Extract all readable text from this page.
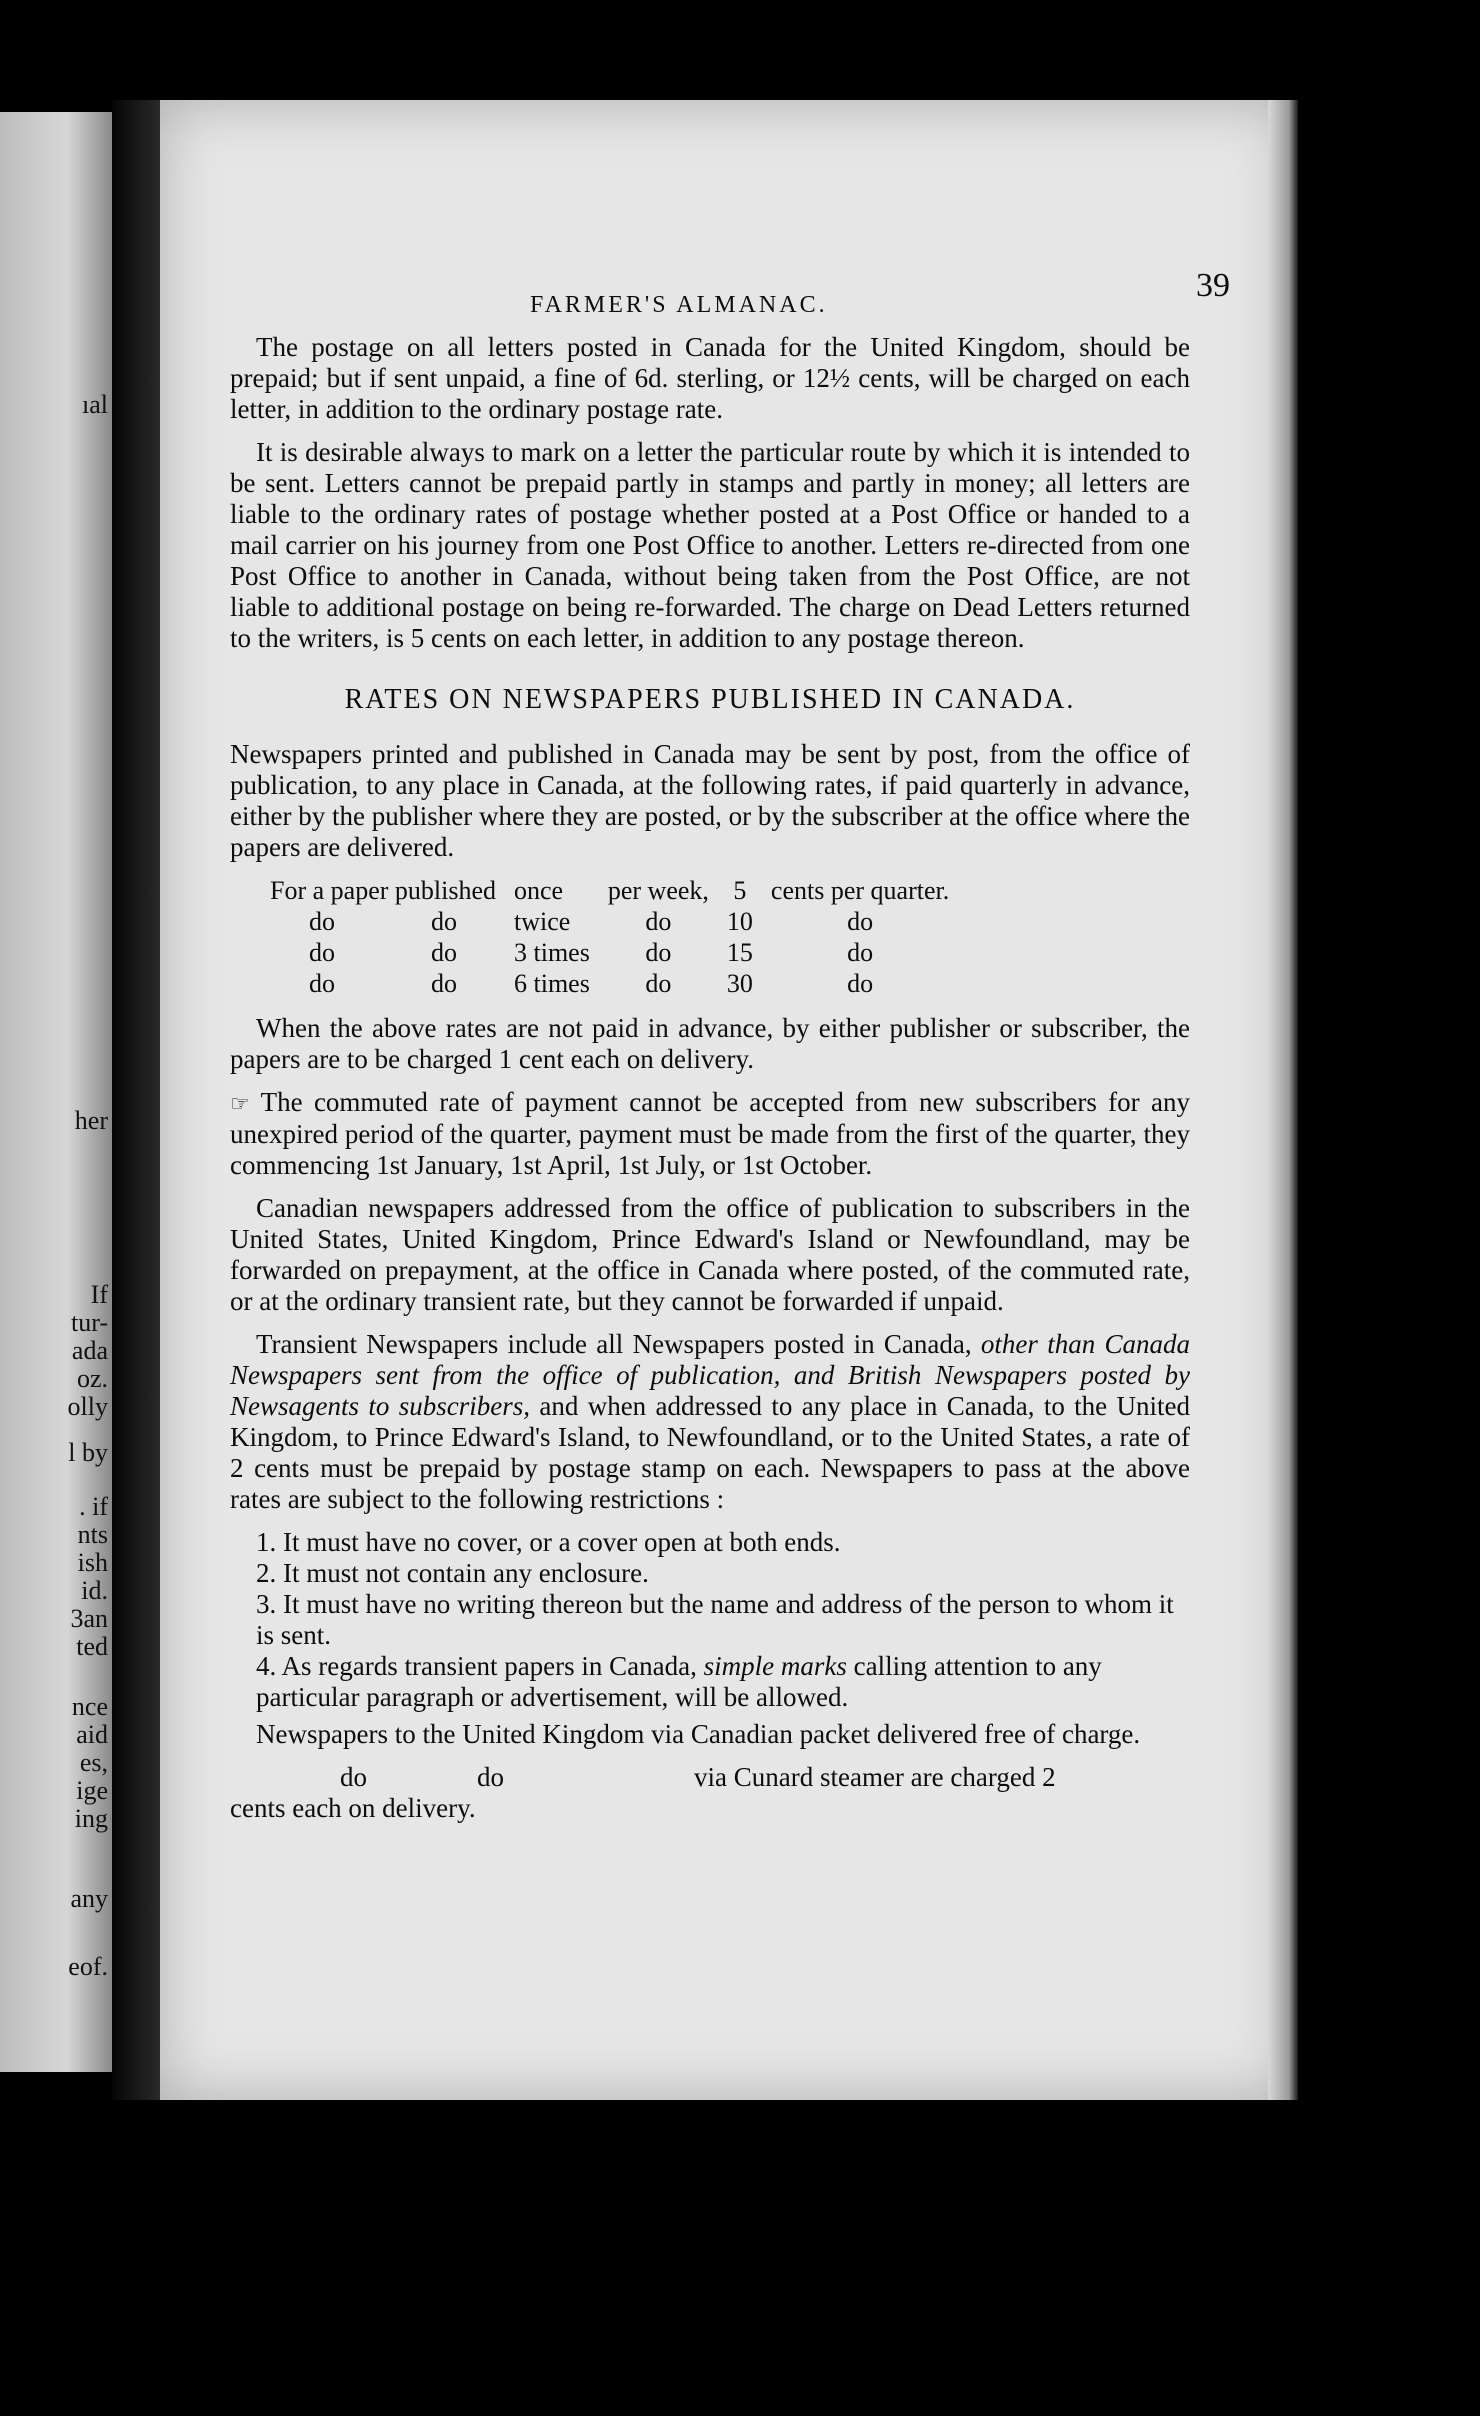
ıal
her
If
tur-
ada
oz.
olly
l by
. if
nts
ish
id.
3an
ted
nce
aid
es,
ige
ing
any
eof.
FARMER'S ALMANAC.
39

The postage on all letters posted in Canada for the United Kingdom, should be prepaid; but if sent unpaid, a fine of 6d. sterling, or 12½ cents, will be charged on each letter, in addition to the ordinary postage rate.

It is desirable always to mark on a letter the particular route by which it is intended to be sent. Letters cannot be prepaid partly in stamps and partly in money; all letters are liable to the ordinary rates of postage whether posted at a Post Office or handed to a mail carrier on his journey from one Post Office to another. Letters re-directed from one Post Office to another in Canada, without being taken from the Post Office, are not liable to additional postage on being re-forwarded. The charge on Dead Letters returned to the writers, is 5 cents on each letter, in addition to any postage thereon.

RATES ON NEWSPAPERS PUBLISHED IN CANADA.

Newspapers printed and published in Canada may be sent by post, from the office of publication, to any place in Canada, at the following rates, if paid quarterly in advance, either by the publisher where they are posted, or by the subscriber at the office where the papers are delivered.

For a paper published		once	per week,	5	cents per quarter.
do	do	twice	do	10	do
do	do	3 times	do	15	do
do	do	6 times	do	30	do

When the above rates are not paid in advance, by either publisher or subscriber, the papers are to be charged 1 cent each on delivery.

☞ The commuted rate of payment cannot be accepted from new subscribers for any unexpired period of the quarter, payment must be made from the first of the quarter, they commencing 1st January, 1st April, 1st July, or 1st October.

Canadian newspapers addressed from the office of publication to subscribers in the United States, United Kingdom, Prince Edward's Island or Newfoundland, may be forwarded on prepayment, at the office in Canada where posted, of the commuted rate, or at the ordinary transient rate, but they cannot be forwarded if unpaid.

Transient Newspapers include all Newspapers posted in Canada, other than Canada Newspapers sent from the office of publication, and British Newspapers posted by Newsagents to subscribers, and when addressed to any place in Canada, to the United Kingdom, to Prince Edward's Island, to Newfoundland, or to the United States, a rate of 2 cents must be prepaid by postage stamp on each. Newspapers to pass at the above rates are subject to the following restrictions :

1. It must have no cover, or a cover open at both ends.
2. It must not contain any enclosure.
3. It must have no writing thereon but the name and address of the person to whom it is sent.
4. As regards transient papers in Canada, simple marks calling attention to any particular paragraph or advertisement, will be allowed.

Newspapers to the United Kingdom via Canadian packet delivered free of charge.

do	do	via Cunard steamer are charged 2
cents each on delivery.
